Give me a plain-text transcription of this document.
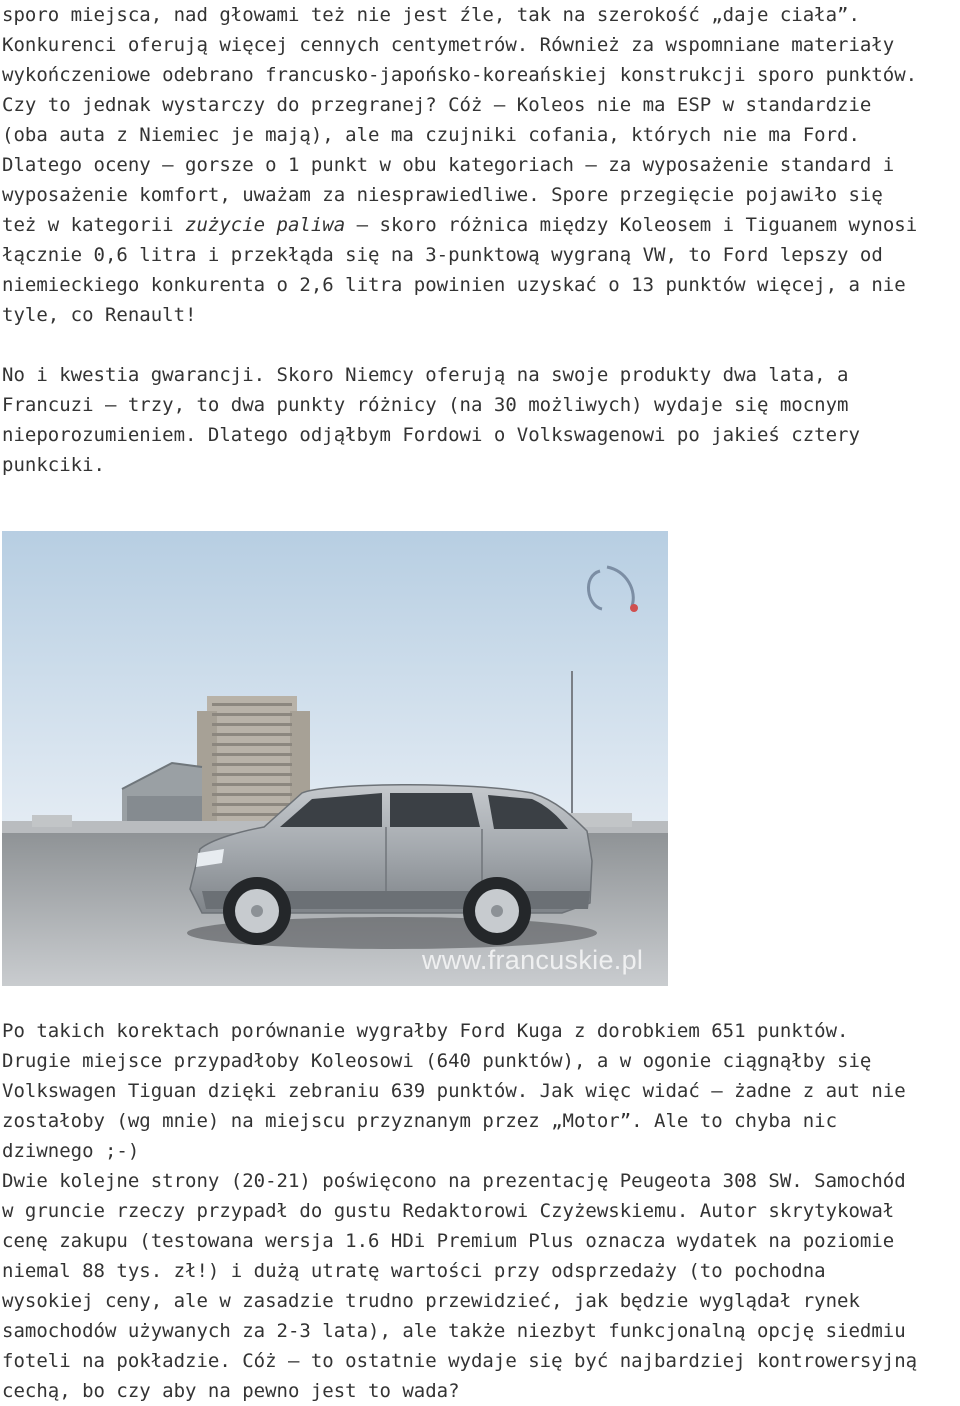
sporo miejsca, nad głowami też nie jest źle, tak na szerokość „daje ciała”.
Konkurenci oferują więcej cennych centymetrów. Również za wspomniane materiały
wykończeniowe odebrano francusko-japońsko-koreańskiej konstrukcji sporo punktów.
Czy to jednak wystarczy do przegranej? Cóż – Koleos nie ma ESP w standardzie
(oba auta z Niemiec je mają), ale ma czujniki cofania, których nie ma Ford.
Dlatego oceny – gorsze o 1 punkt w obu kategoriach – za wyposażenie standard i
wyposażenie komfort, uważam za niesprawiedliwe. Spore przegięcie pojawiło się
też w kategorii zużycie paliwa – skoro różnica między Koleosem i Tiguanem wynosi
łącznie 0,6 litra i przekłąda się na 3-punktową wygraną VW, to Ford lepszy od
niemieckiego konkurenta o 2,6 litra powinien uzyskać o 13 punktów więcej, a nie
tyle, co Renault!
No i kwestia gwarancji. Skoro Niemcy oferują na swoje produkty dwa lata, a
Francuzi – trzy, to dwa punkty różnicy (na 30 możliwych) wydaje się mocnym
nieporozumieniem. Dlatego odjąłbym Fordowi o Volkswagenowi po jakieś cztery
punkciki.
www.francuskie.pl
Po takich korektach porównanie wygrałby Ford Kuga z dorobkiem 651 punktów.
Drugie miejsce przypadłoby Koleosowi (640 punktów), a w ogonie ciągnąłby się
Volkswagen Tiguan dzięki zebraniu 639 punktów. Jak więc widać – żadne z aut nie
zostałoby (wg mnie) na miejscu przyznanym przez „Motor”. Ale to chyba nic
dziwnego ;-)
Dwie kolejne strony (20-21) poświęcono na prezentację Peugeota 308 SW. Samochód
w gruncie rzeczy przypadł do gustu Redaktorowi Czyżewskiemu. Autor skrytykował
cenę zakupu (testowana wersja 1.6 HDi Premium Plus oznacza wydatek na poziomie
niemal 88 tys. zł!) i dużą utratę wartości przy odsprzedaży (to pochodna
wysokiej ceny, ale w zasadzie trudno przewidzieć, jak będzie wyglądał rynek
samochodów używanych za 2-3 lata), ale także niezbyt funkcjonalną opcję siedmiu
foteli na pokładzie. Cóż – to ostatnie wydaje się być najbardziej kontrowersyjną
cechą, bo czy aby na pewno jest to wada?
